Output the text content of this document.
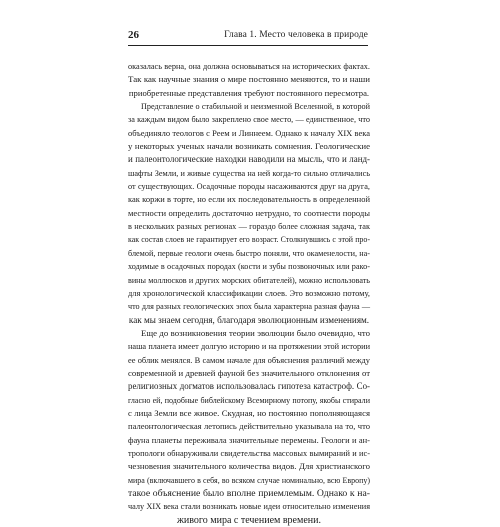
26	Глава 1. Место человека в природе
оказалась верна, она должна основываться на исторических фактах.
Так как научные знания о мире постоянно меняются, то и наши
приобретенные представления требуют постоянного пересмотра.
Представление о стабильной и неизменной Вселенной, в которой
за каждым видом было закреплено свое место, — единственное, что
объединяло теологов с Реем и Линнеем. Однако к началу XIX века
у некоторых ученых начали возникать сомнения. Геологические
и палеонтологические находки наводили на мысль, что и ланд-
шафты Земли, и живые существа на ней когда-то сильно отличались
от существующих. Осадочные породы насаживаются друг на друга,
как коржи в торте, но если их последовательность в определенной
местности определить достаточно нетрудно, то соотнести породы
в нескольких разных регионах — гораздо более сложная задача, так
как состав слоев не гарантирует его возраст. Столкнувшись с этой про-
блемой, первые геологи очень быстро поняли, что окаменелости, на-
ходимые в осадочных породах (кости и зубы позвоночных или рако-
вины моллюсков и других морских обитателей), можно использовать
для хронологической классификации слоев. Это возможно потому,
что для разных геологических эпох была характерна разная фауна —
как мы знаем сегодня, благодаря эволюционным изменениям.
Еще до возникновения теории эволюции было очевидно, что
наша планета имеет долгую историю и на протяжении этой истории
ее облик менялся. В самом начале для объяснения различий между
современной и древней фауной без значительного отклонения от
религиозных догматов использовалась гипотеза катастроф. Со-
гласно ей, подобные библейскому Всемирному потопу, якобы стирали
с лица Земли все живое. Скудная, но постоянно пополняющаяся
палеонтологическая летопись действительно указывала на то, что
фауна планеты переживала значительные перемены. Геологи и ан-
тропологи обнаруживали свидетельства массовых вымираний и ис-
чезновения значительного количества видов. Для христианского
мира (включавшего в себя, во всяком случае номинально, всю Европу)
такое объяснение было вполне приемлемым. Однако к на-
чалу XIX века стали возникать новые идеи относительно изменения
живого мира с течением времени.
